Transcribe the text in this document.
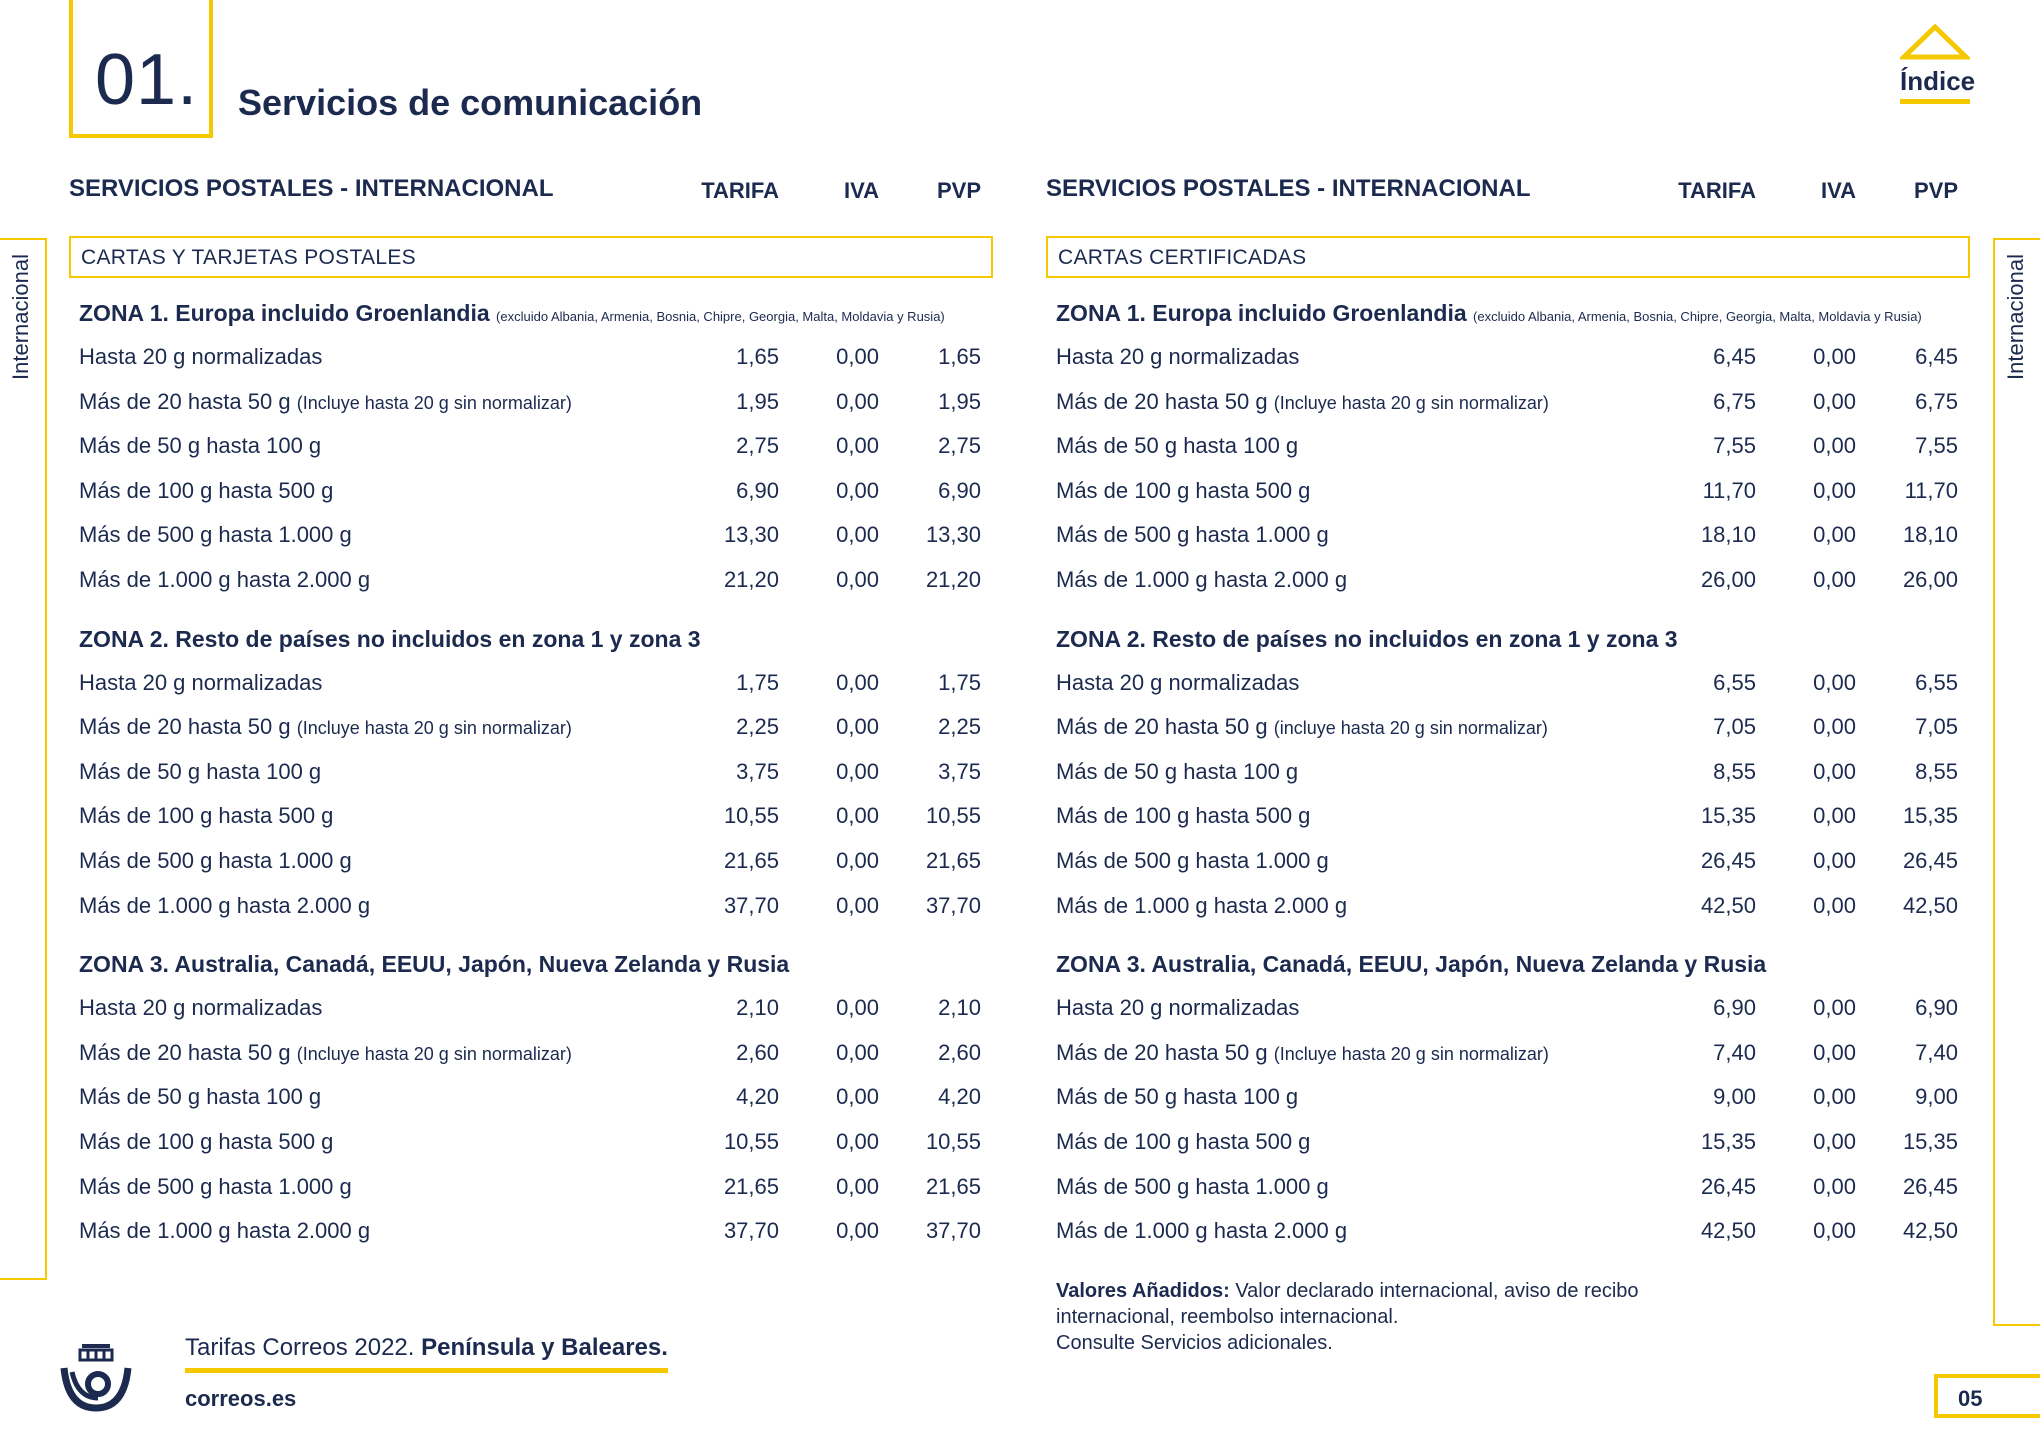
01. Servicios de comunicación
Índice
Internacional	Internacional
SERVICIOS POSTALES - INTERNACIONAL	TARIFA	IVA	PVP
CARTAS Y TARJETAS POSTALES
ZONA 1. Europa incluido Groenlandia (excluido Albania, Armenia, Bosnia, Chipre, Georgia, Malta, Moldavia y Rusia)
Hasta 20 g normalizadas	1,65	0,00	1,65
Más de 20 hasta 50 g (Incluye hasta 20 g sin normalizar)	1,95	0,00	1,95
Más de 50 g hasta 100 g	2,75	0,00	2,75
Más de 100 g hasta 500 g	6,90	0,00	6,90
Más de 500 g hasta 1.000 g	13,30	0,00	13,30
Más de 1.000 g hasta 2.000 g	21,20	0,00	21,20
ZONA 2. Resto de países no incluidos en zona 1 y zona 3
Hasta 20 g normalizadas	1,75	0,00	1,75
Más de 20 hasta 50 g (Incluye hasta 20 g sin normalizar)	2,25	0,00	2,25
Más de 50 g hasta 100 g	3,75	0,00	3,75
Más de 100 g hasta 500 g	10,55	0,00	10,55
Más de 500 g hasta 1.000 g	21,65	0,00	21,65
Más de 1.000 g hasta 2.000 g	37,70	0,00	37,70
ZONA 3. Australia, Canadá, EEUU, Japón, Nueva Zelanda y Rusia
Hasta 20 g normalizadas	2,10	0,00	2,10
Más de 20 hasta 50 g (Incluye hasta 20 g sin normalizar)	2,60	0,00	2,60
Más de 50 g hasta 100 g	4,20	0,00	4,20
Más de 100 g hasta 500 g	10,55	0,00	10,55
Más de 500 g hasta 1.000 g	21,65	0,00	21,65
Más de 1.000 g hasta 2.000 g	37,70	0,00	37,70
SERVICIOS POSTALES - INTERNACIONAL	TARIFA	IVA	PVP
CARTAS CERTIFICADAS
ZONA 1. Europa incluido Groenlandia (excluido Albania, Armenia, Bosnia, Chipre, Georgia, Malta, Moldavia y Rusia)
Hasta 20 g normalizadas	6,45	0,00	6,45
Más de 20 hasta 50 g (Incluye hasta 20 g sin normalizar)	6,75	0,00	6,75
Más de 50 g hasta 100 g	7,55	0,00	7,55
Más de 100 g hasta 500 g	11,70	0,00	11,70
Más de 500 g hasta 1.000 g	18,10	0,00	18,10
Más de 1.000 g hasta 2.000 g	26,00	0,00	26,00
ZONA 2. Resto de países no incluidos en zona 1 y zona 3
Hasta 20 g normalizadas	6,55	0,00	6,55
Más de 20 hasta 50 g (incluye hasta 20 g sin normalizar)	7,05	0,00	7,05
Más de 50 g hasta 100 g	8,55	0,00	8,55
Más de 100 g hasta 500 g	15,35	0,00	15,35
Más de 500 g hasta 1.000 g	26,45	0,00	26,45
Más de 1.000 g hasta 2.000 g	42,50	0,00	42,50
ZONA 3. Australia, Canadá, EEUU, Japón, Nueva Zelanda y Rusia
Hasta 20 g normalizadas	6,90	0,00	6,90
Más de 20 hasta 50 g (Incluye hasta 20 g sin normalizar)	7,40	0,00	7,40
Más de 50 g hasta 100 g	9,00	0,00	9,00
Más de 100 g hasta 500 g	15,35	0,00	15,35
Más de 500 g hasta 1.000 g	26,45	0,00	26,45
Más de 1.000 g hasta 2.000 g	42,50	0,00	42,50
Valores Añadidos: Valor declarado internacional, aviso de recibo internacional, reembolso internacional.
Consulte Servicios adicionales.
Tarifas Correos 2022. Península y Baleares.
correos.es	05
